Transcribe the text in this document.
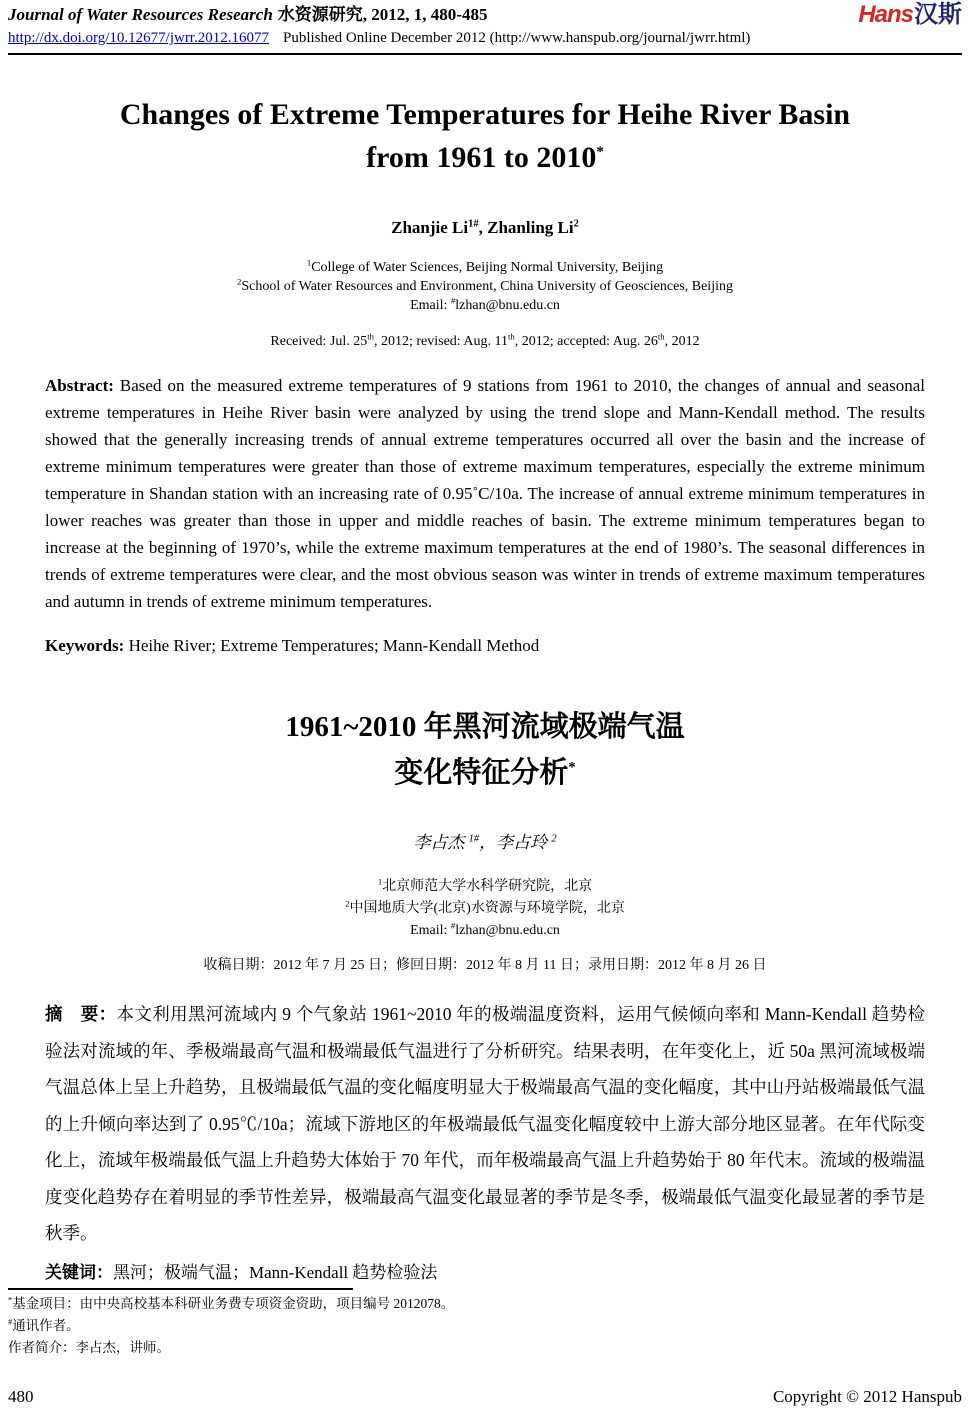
Journal of Water Resources Research 水资源研究, 2012, 1, 480-485
http://dx.doi.org/10.12677/jwrr.2012.16077 Published Online December 2012 (http://www.hanspub.org/journal/jwrr.html)
Hans汉斯
Changes of Extreme Temperatures for Heihe River Basin
from 1961 to 2010*
Zhanjie $Li^{1\#}$, Zhanling Li$^2$
$^1$College of Water Sciences, Beijing Normal University, Beijing
$^2$School of Water Resources and Environment, China University of Geosciences, Beijing
Email: #lzhan@bnu.edu.cn
Received: Jul. 25th, 2012; revised: Aug. 11th, 2012; accepted: Aug. 26th, 2012

Abstract: Based on the measured extreme temperatures of 9 stations from 1961 to 2010, the changes of annual and seasonal extreme temperatures in Heihe River basin were analyzed by using the trend slope and Mann-Kendall method. The results showed that the generally increasing trends of annual extreme temperatures occurred all over the basin and the increase of extreme minimum temperatures were greater than those of extreme maximum temperatures, especially the extreme minimum temperature in Shandan station with an increasing rate of 0.95˚C/10a. The increase of annual extreme minimum temperatures in lower reaches was greater than those in upper and middle reaches of basin. The extreme minimum temperatures began to increase at the beginning of 1970’s, while the extreme maximum temperatures at the end of 1980’s. The seasonal differences in trends of extreme temperatures were clear, and the most obvious season was winter in trends of extreme maximum temperatures and autumn in trends of extreme minimum temperatures.

Keywords: Heihe River; Extreme Temperatures; Mann-Kendall Method

1961~2010 年黑河流域极端气温
变化特征分析*
李占杰 $^{1\#}$，李占玲 $^2$
$^1$北京师范大学水科学研究院，北京
$^2$中国地质大学(北京)水资源与环境学院，北京
Email: #lzhan@bnu.edu.cn
收稿日期：2012 年 7 月 25 日；修回日期：2012 年 8 月 11 日；录用日期：2012 年 8 月 26 日

摘　要：本文利用黑河流域内 9 个气象站 1961~2010 年的极端温度资料，运用气候倾向率和 Mann-Kendall 趋势检验法对流域的年、季极端最高气温和极端最低气温进行了分析研究。结果表明，在年变化上，近 50a 黑河流域极端气温总体上呈上升趋势，且极端最低气温的变化幅度明显大于极端最高气温的变化幅度，其中山丹站极端最低气温的上升倾向率达到了 0.95℃/10a；流域下游地区的年极端最低气温变化幅度较中上游大部分地区显著。在年代际变化上，流域年极端最低气温上升趋势大体始于 70 年代，而年极端最高气温上升趋势始于 80 年代末。流域的极端温度变化趋势存在着明显的季节性差异，极端最高气温变化最显著的季节是冬季，极端最低气温变化最显著的季节是秋季。

关键词：黑河；极端气温；Mann-Kendall 趋势检验法

*基金项目：由中央高校基本科研业务费专项资金资助，项目编号 2012078。
#通讯作者。
作者简介：李占杰，讲师。
480	Copyright © 2012 Hanspub
